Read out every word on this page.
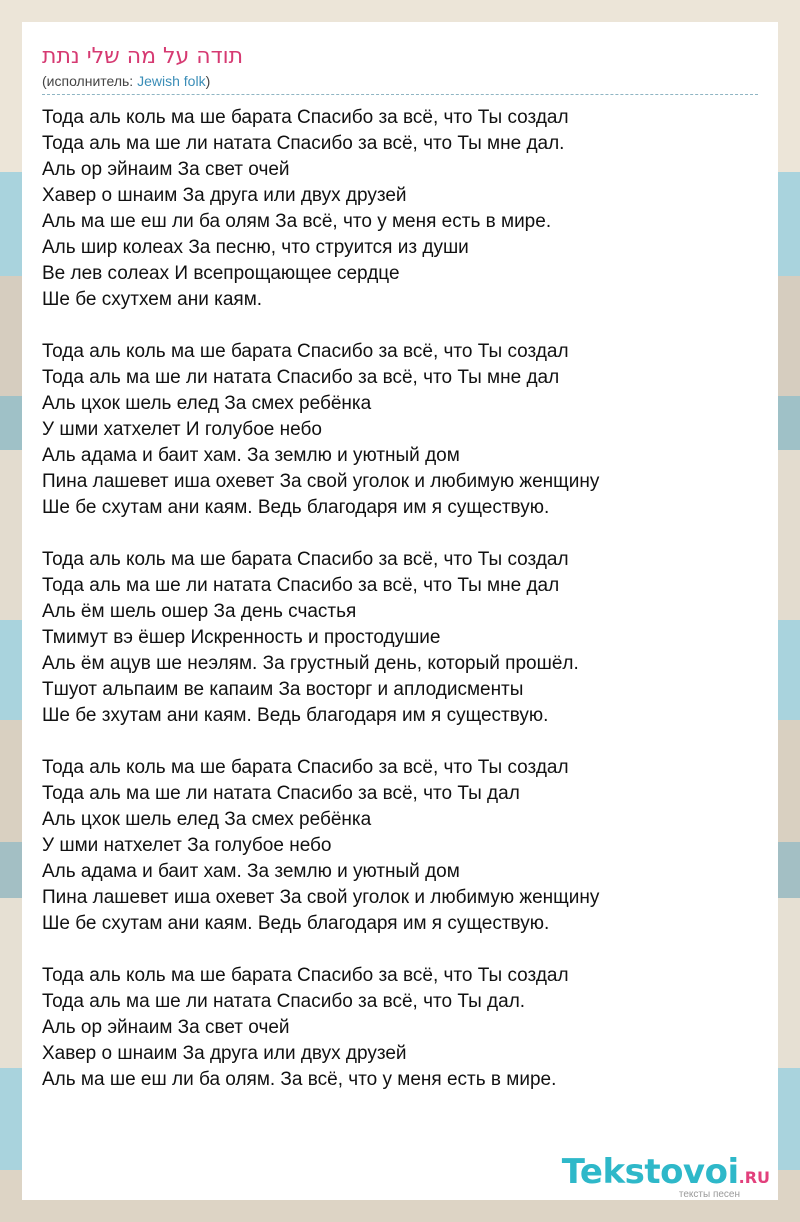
תודה על מה שלי נתת
(исполнитель: Jewish folk)
Тода аль коль ма ше барата Спасибо за всё, что Ты создал
Тода аль ма ше ли натата Спасибо за всё, что Ты мне дал.
Аль ор эйнаим За свет очей
Хавер о шнаим За друга или двух друзей
Аль ма ше еш ли ба олям За всё, что у меня есть в мире.
Аль шир колеах За песню, что струится из души
Ве лев солеах И всепрощающее сердце
Ше бе схутхем ани каям.
Тода аль коль ма ше барата Спасибо за всё, что Ты создал
Тода аль ма ше ли натата Спасибо за всё, что Ты мне дал
Аль цхок шель елед За смех ребёнка
У шми хатхелет И голубое небо
Аль адама и баит хам. За землю и уютный дом
Пина лашевет иша охевет За свой уголок и любимую женщину
Ше бе схутам ани каям. Ведь благодаря им я существую.
Тода аль коль ма ше барата Спасибо за всё, что Ты создал
Тода аль ма ше ли натата Спасибо за всё, что Ты мне дал
Аль ём шель ошер За день счастья
Тмимут вэ ёшер Искренность и простодушие
Аль ём ацув ше неэлям. За грустный день, который прошёл.
Тшуот альпаим ве капаим За восторг и аплодисменты
Ше бе зхутам ани каям. Ведь благодаря им я существую.
Тода аль коль ма ше барата Спасибо за всё, что Ты создал
Тода аль ма ше ли натата Спасибо за всё, что Ты дал
Аль цхок шель елед За смех ребёнка
У шми натхелет За голубое небо
Аль адама и баит хам. За землю и уютный дом
Пина лашевет иша охевет За свой уголок и любимую женщину
Ше бе схутам ани каям. Ведь благодаря им я существую.
Тода аль коль ма ше барата Спасибо за всё, что Ты создал
Тода аль ма ше ли натата Спасибо за всё, что Ты дал.
Аль ор эйнаим За свет очей
Хавер о шнаим За друга или двух друзей
Аль ма ше еш ли ба олям. За всё, что у меня есть в мире.
Tekstovoi.RU
тексты песен
